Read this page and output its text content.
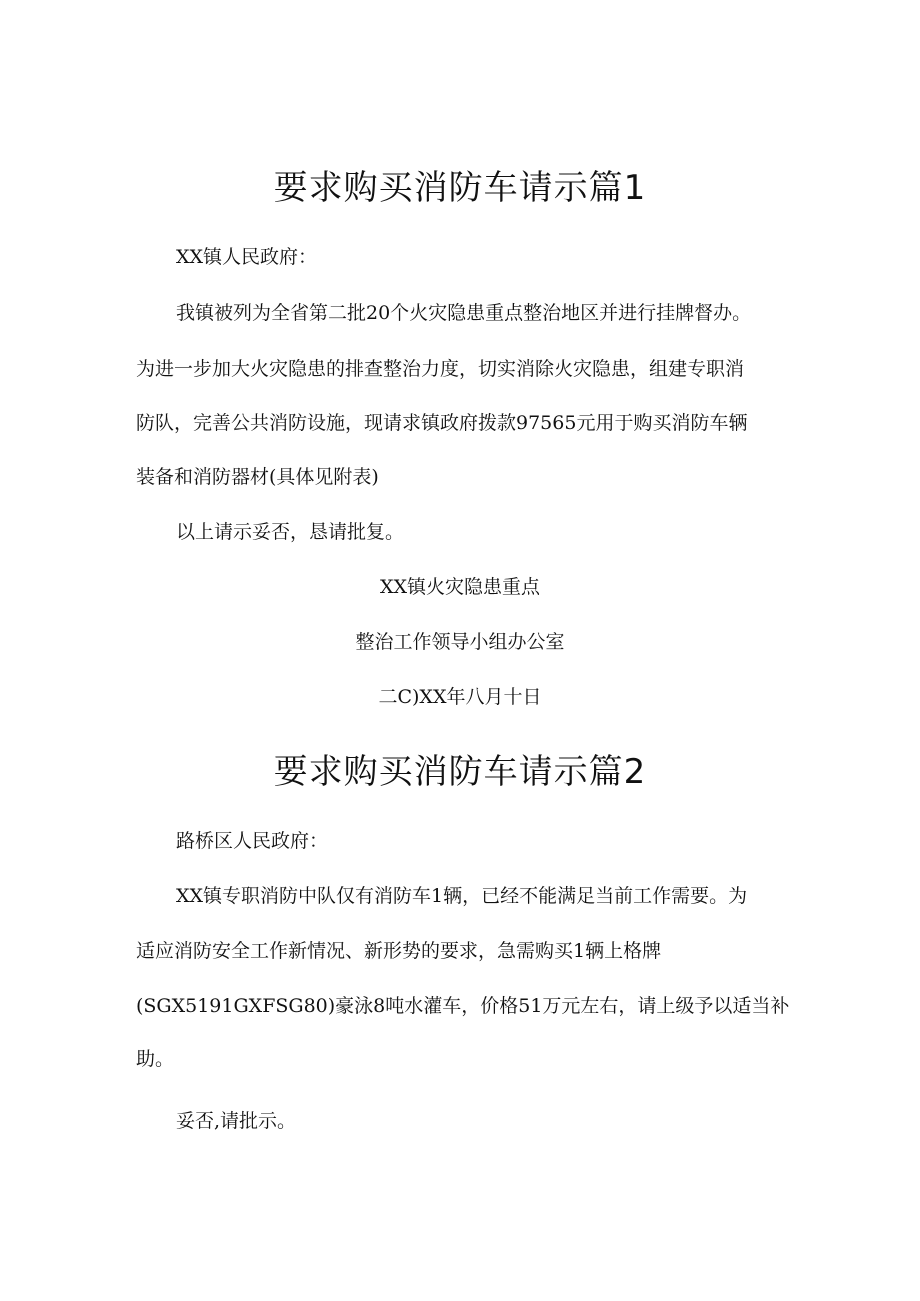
要求购买消防车请示篇1

XX镇人民政府：

我镇被列为全省第二批20个火灾隐患重点整治地区并进行挂牌督办。

为进一步加大火灾隐患的排查整治力度，切实消除火灾隐患，组建专职消

防队，完善公共消防设施，现请求镇政府拨款97565元用于购买消防车辆

装备和消防器材(具体见附表)

以上请示妥否，恳请批复。

XX镇火灾隐患重点

整治工作领导小组办公室

二C)XX年八月十日

要求购买消防车请示篇2

路桥区人民政府：

XX镇专职消防中队仅有消防车1辆，已经不能满足当前工作需要。为

适应消防安全工作新情况、新形势的要求，急需购买1辆上格牌

(SGX5191GXFSG80)豪泳8吨水灌车，价格51万元左右，请上级予以适当补

助。

妥否,请批示。
